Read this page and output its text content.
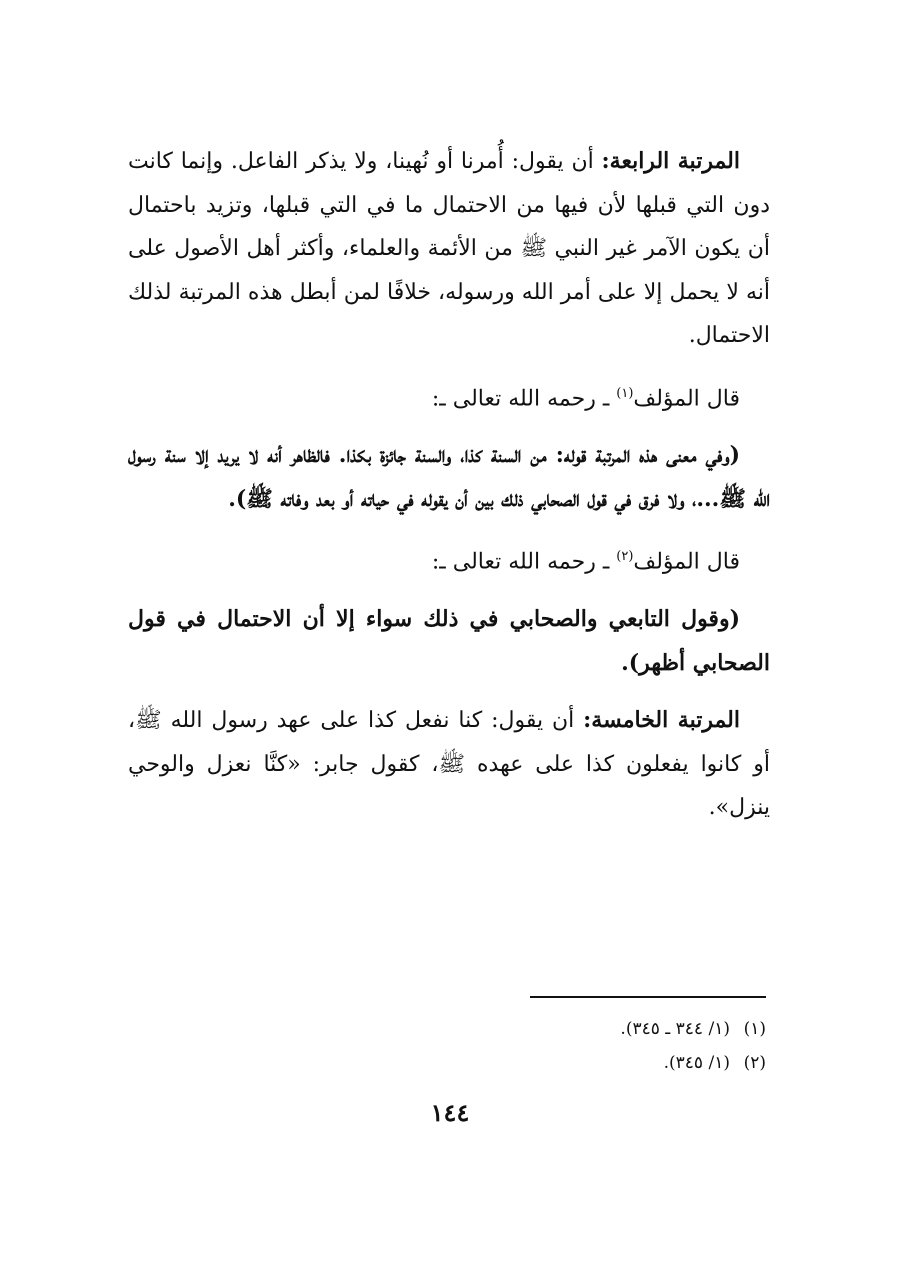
المرتبة الرابعة: أن يقول: أُمرنا أو نُهينا، ولا يذكر الفاعل. وإنما كانت دون التي قبلها لأن فيها من الاحتمال ما في التي قبلها، وتزيد باحتمال أن يكون الآمر غير النبي ﷺ من الأئمة والعلماء، وأكثر أهل الأصول على أنه لا يحمل إلا على أمر الله ورسوله، خلافًا لمن أبطل هذه المرتبة لذلك الاحتمال.

قال المؤلف$^{(١)}$ ـ رحمه الله تعالى ـ:

(وفي معنى هذه المرتبة قوله: من السنة كذا، والسنة جائزة بكذا. فالظاهر أنه لا يريد إلا سنة رسول الله ﷺ...، ولا فرق في قول الصحابي ذلك بين أن يقوله في حياته أو بعد وفاته ﷺ).

قال المؤلف$^{(٢)}$ ـ رحمه الله تعالى ـ:

(وقول التابعي والصحابي في ذلك سواء إلا أن الاحتمال في قول الصحابي أظهر).

المرتبة الخامسة: أن يقول: كنا نفعل كذا على عهد رسول الله ﷺ، أو كانوا يفعلون كذا على عهده ﷺ، كقول جابر: «كنَّا نعزل والوحي ينزل».

(١)(١/ ٣٤٤ ـ ٣٤٥).
(٢)(١/ ٣٤٥).
١٤٤
